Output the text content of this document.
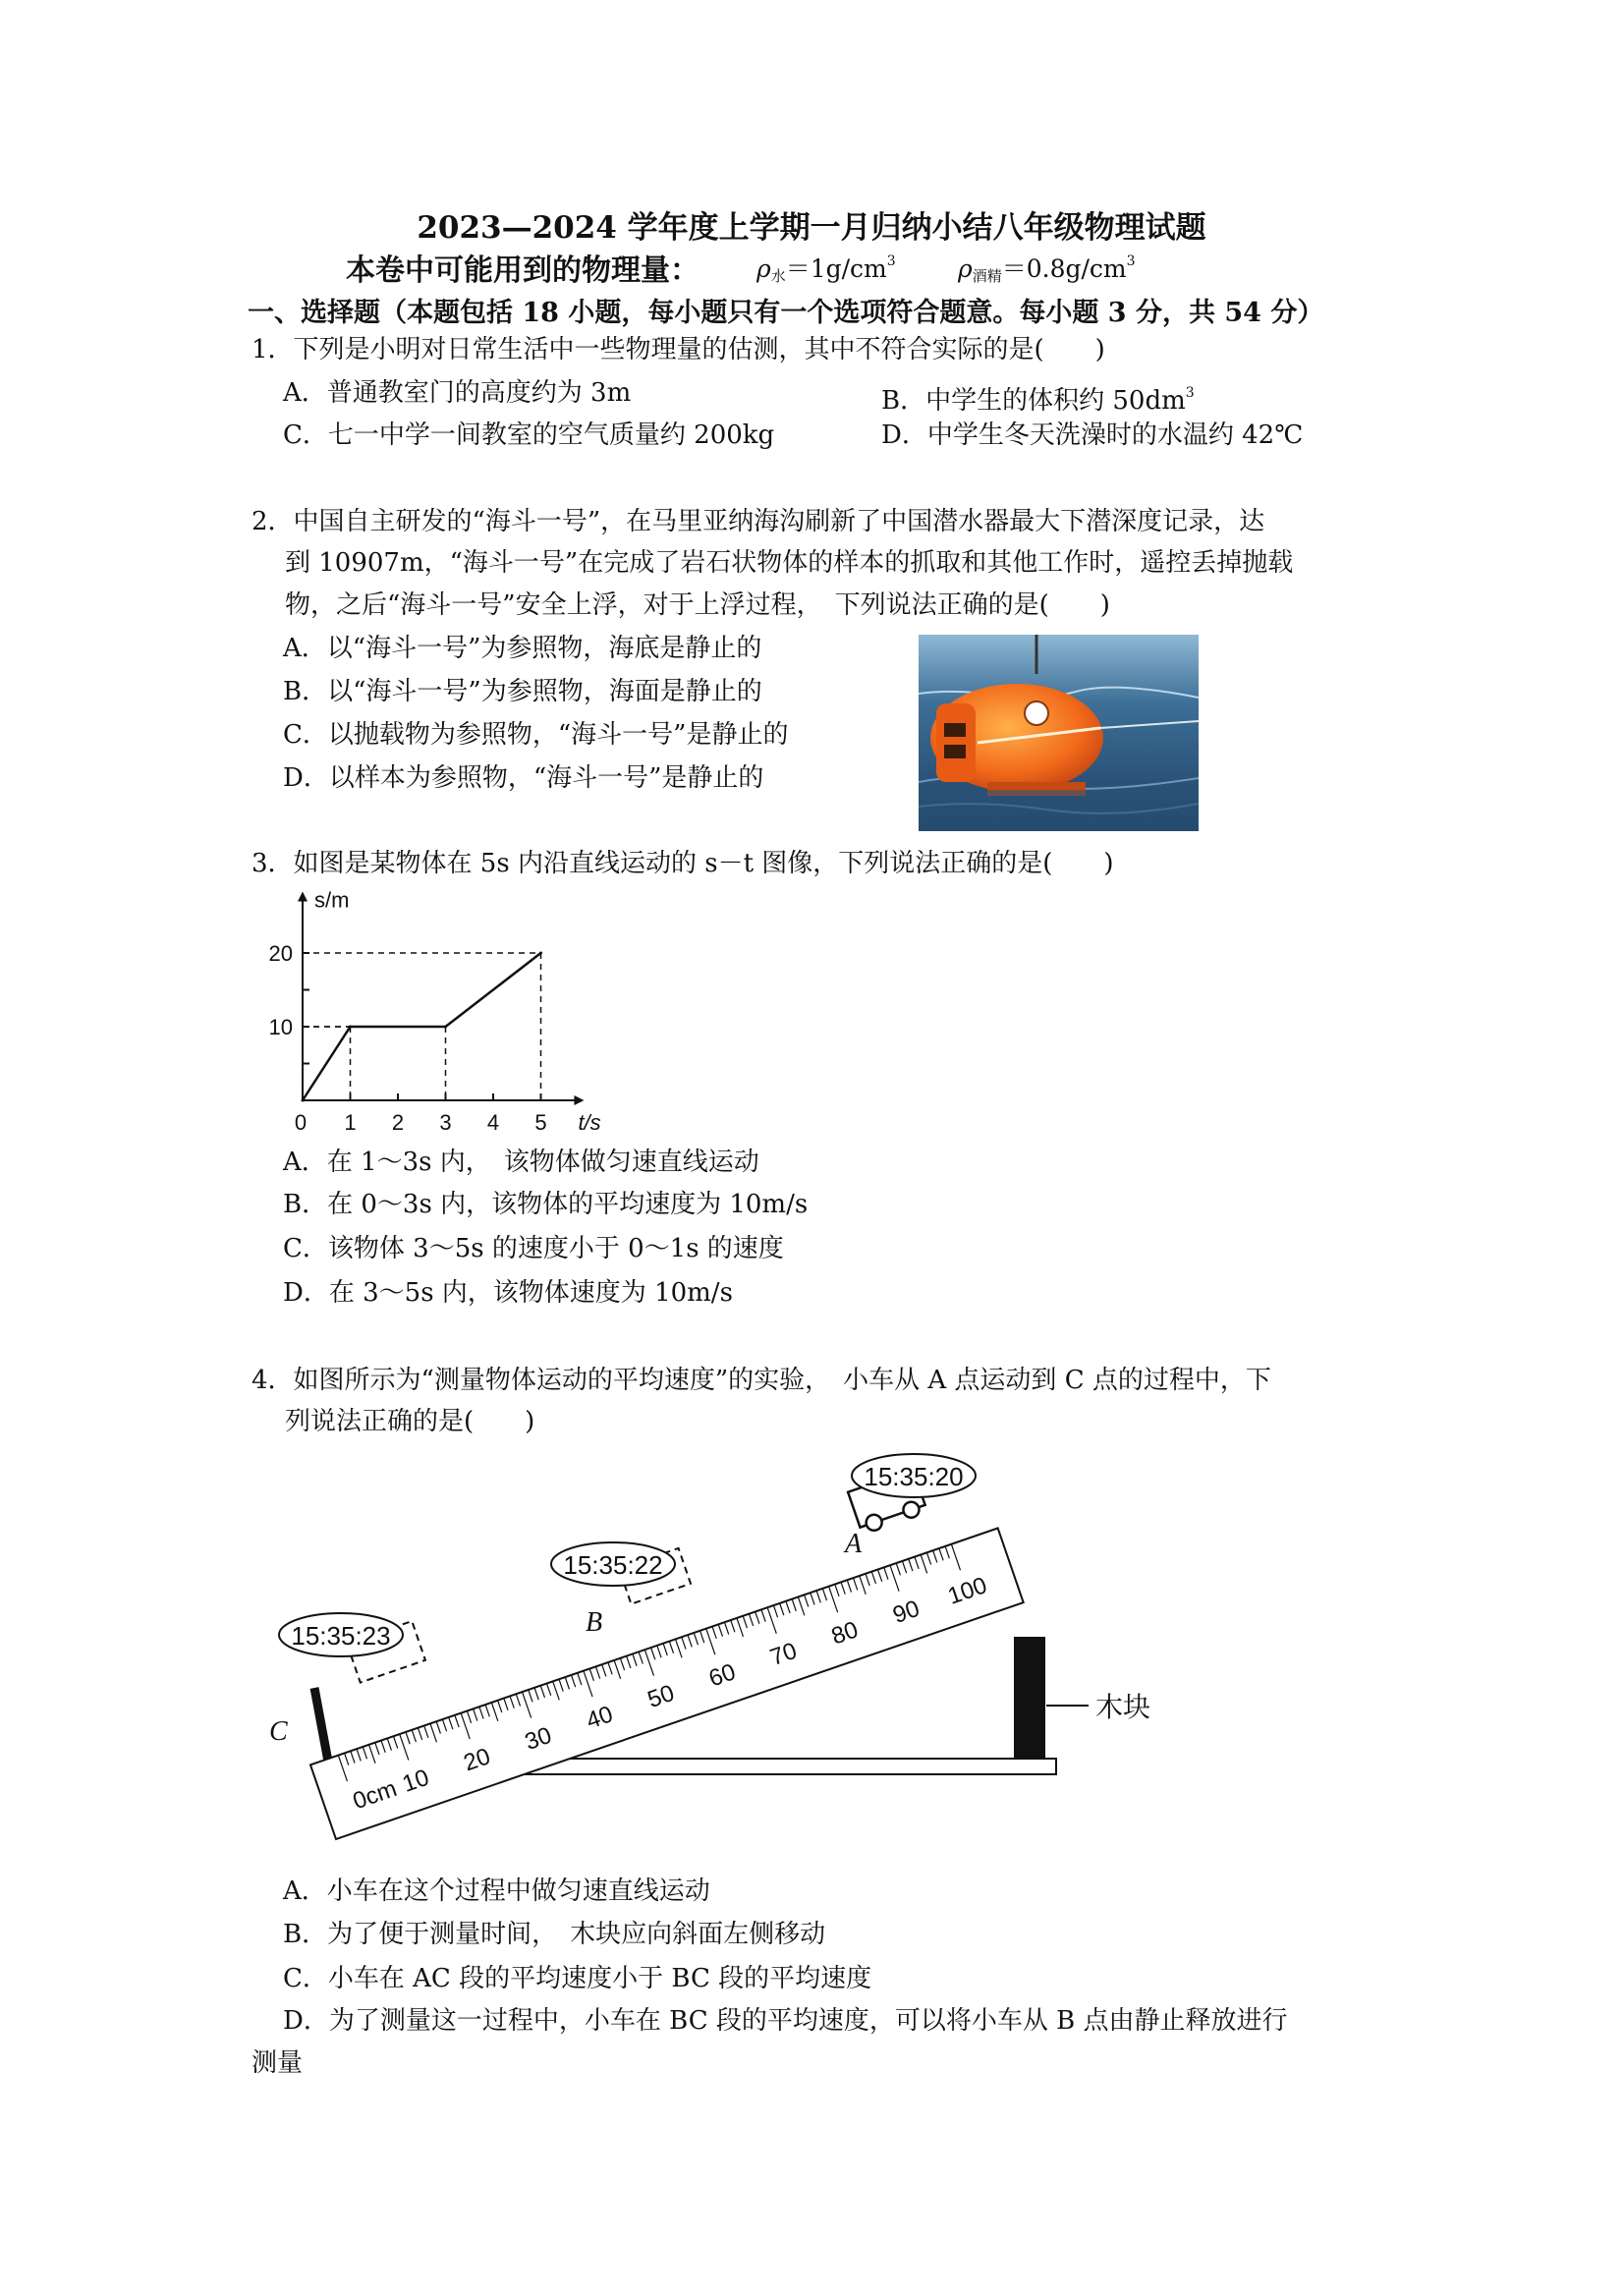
2023—2024 学年度上学期一月归纳小结八年级物理试题
本卷中可能用到的物理量： $\rho_水=1g/cm^3$	$\rho_{酒精}=0.8g/cm^3$
一、选择题（本题包括 18 小题，每小题只有一个选项符合题意。每小题 3 分，共 54 分）
1．下列是小明对日常生活中一些物理量的估测，其中不符合实际的是(　　)
A．普通教室门的高度约为 3m	B．中学生的体积约 $50dm^3$
C．七一中学一间教室的空气质量约 200kg	D．中学生冬天洗澡时的水温约 42℃
2．中国自主研发的“海斗一号”，在马里亚纳海沟刷新了中国潜水器最大下潜深度记录，达
到 10907m，“海斗一号”在完成了岩石状物体的样本的抓取和其他工作时，遥控丢掉抛载
物，之后“海斗一号”安全上浮，对于上浮过程，　下列说法正确的是(　　)
A．以“海斗一号”为参照物，海底是静止的
B．以“海斗一号”为参照物，海面是静止的
C．以抛载物为参照物，“海斗一号”是静止的
D．以样本为参照物，“海斗一号”是静止的
3．如图是某物体在 5s 内沿直线运动的 s－t 图像，下列说法正确的是(　　)
10
20
0 1 2 3 4 5
s/m
t/s
A．在 1～3s 内，　该物体做匀速直线运动
B．在 0～3s 内，该物体的平均速度为 10m/s
C．该物体 3～5s 的速度小于 0～1s 的速度
D．在 3～5s 内，该物体速度为 10m/s
4．如图所示为“测量物体运动的平均速度”的实验，　小车从 A 点运动到 C 点的过程中，下
列说法正确的是(　　)
木块
0cm
10
20
30
40
50
60
70
80
90
100
A
B
C
15:35:20
15:35:22
15:35:23
A．小车在这个过程中做匀速直线运动
B．为了便于测量时间，　木块应向斜面左侧移动
C．小车在 AC 段的平均速度小于 BC 段的平均速度
D．为了测量这一过程中，小车在 BC 段的平均速度，可以将小车从 B 点由静止释放进行
测量
